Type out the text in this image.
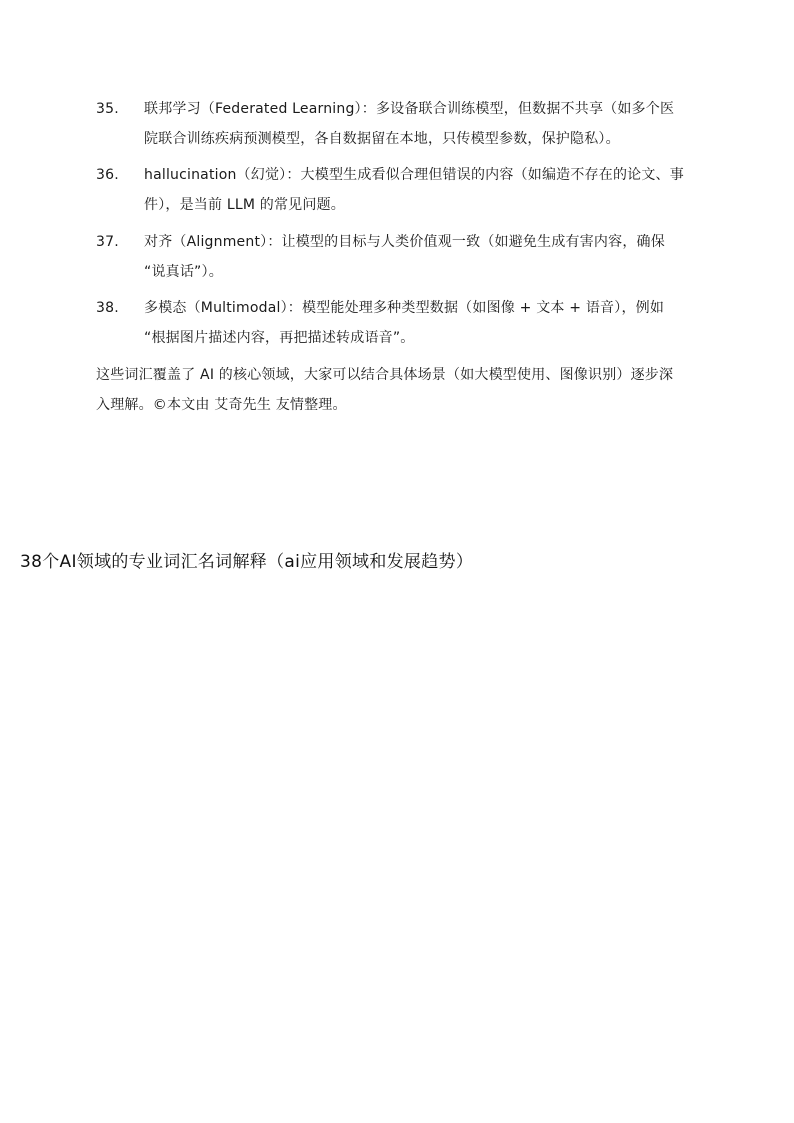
35.	联邦学习（Federated Learning）：多设备联合训练模型，但数据不共享（如多个医
院联合训练疾病预测模型，各自数据留在本地，只传模型参数，保护隐私）。
36.	hallucination（幻觉）：大模型生成看似合理但错误的内容（如编造不存在的论文、事
件），是当前 LLM 的常见问题。
37.	对齐（Alignment）：让模型的目标与人类价值观一致（如避免生成有害内容，确保
“说真话”）。
38.	多模态（Multimodal）：模型能处理多种类型数据（如图像 + 文本 + 语音），例如
“根据图片描述内容，再把描述转成语音”。
这些词汇覆盖了 AI 的核心领域，大家可以结合具体场景（如大模型使用、图像识别）逐步深
入理解。©本文由 艾奇先生 友情整理。
38个AI领域的专业词汇名词解释（ai应用领域和发展趋势）
